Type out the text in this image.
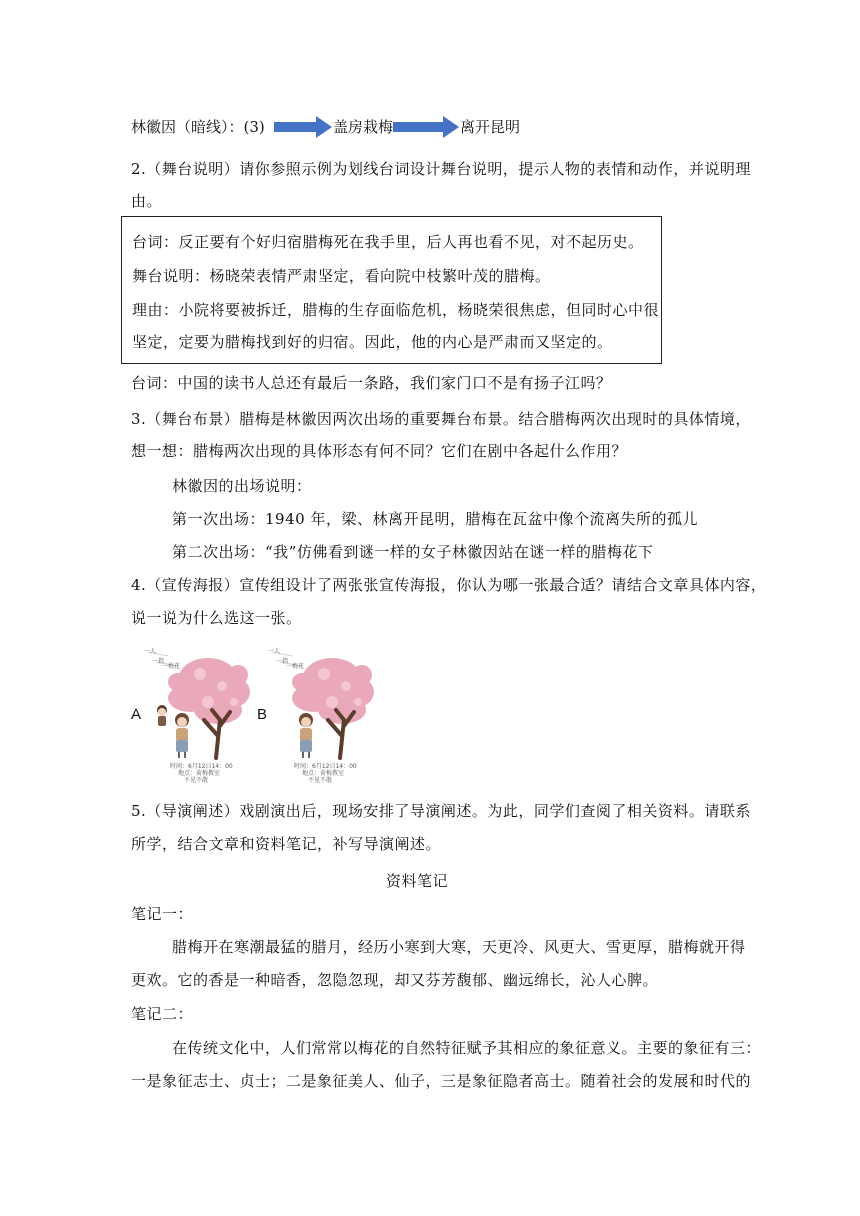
林徽因（暗线）：(3)	盖房栽梅	离开昆明
2.（舞台说明）请你参照示例为划线台词设计舞台说明，提示人物的表情和动作，并说明理
由。
台词：反正要有个好归宿腊梅死在我手里，后人再也看不见，对不起历史。
舞台说明：杨晓荣表情严肃坚定，看向院中枝繁叶茂的腊梅。
理由：小院将要被拆迁，腊梅的生存面临危机，杨晓荣很焦虑，但同时心中很
坚定，定要为腊梅找到好的归宿。因此，他的内心是严肃而又坚定的。
台词：中国的读书人总还有最后一条路，我们家门口不是有扬子江吗？
3.（舞台布景）腊梅是林徽因两次出场的重要舞台布景。结合腊梅两次出现时的具体情境，
想一想：腊梅两次出现的具体形态有何不同？它们在剧中各起什么作用？
林徽因的出场说明：
第一次出场：1940 年，梁、林离开昆明，腊梅在瓦盆中像个流离失所的孤儿
第二次出场：“我”仿佛看到谜一样的女子林徽因站在谜一样的腊梅花下
4.（宣传海报）宣传组设计了两张张宣传海报，你认为哪一张最合适？请结合文章具体内容，
说一说为什么选这一张。
A
一人
一指
一梅花
时间：6月12日14：00
地点：荷梅教室
不见不散
B
一人
一指
一梅花
时间：6月12日14：00
地点：荷梅教室
不见不散
5.（导演阐述）戏剧演出后，现场安排了导演阐述。为此，同学们查阅了相关资料。请联系
所学，结合文章和资料笔记，补写导演阐述。
资料笔记
笔记一：
腊梅开在寒潮最猛的腊月，经历小寒到大寒，天更冷、风更大、雪更厚，腊梅就开得
更欢。它的香是一种暗香，忽隐忽现，却又芬芳馥郁、幽远绵长，沁人心脾。
笔记二：
在传统文化中，人们常常以梅花的自然特征赋予其相应的象征意义。主要的象征有三：
一是象征志士、贞士；二是象征美人、仙子，三是象征隐者高士。随着社会的发展和时代的
